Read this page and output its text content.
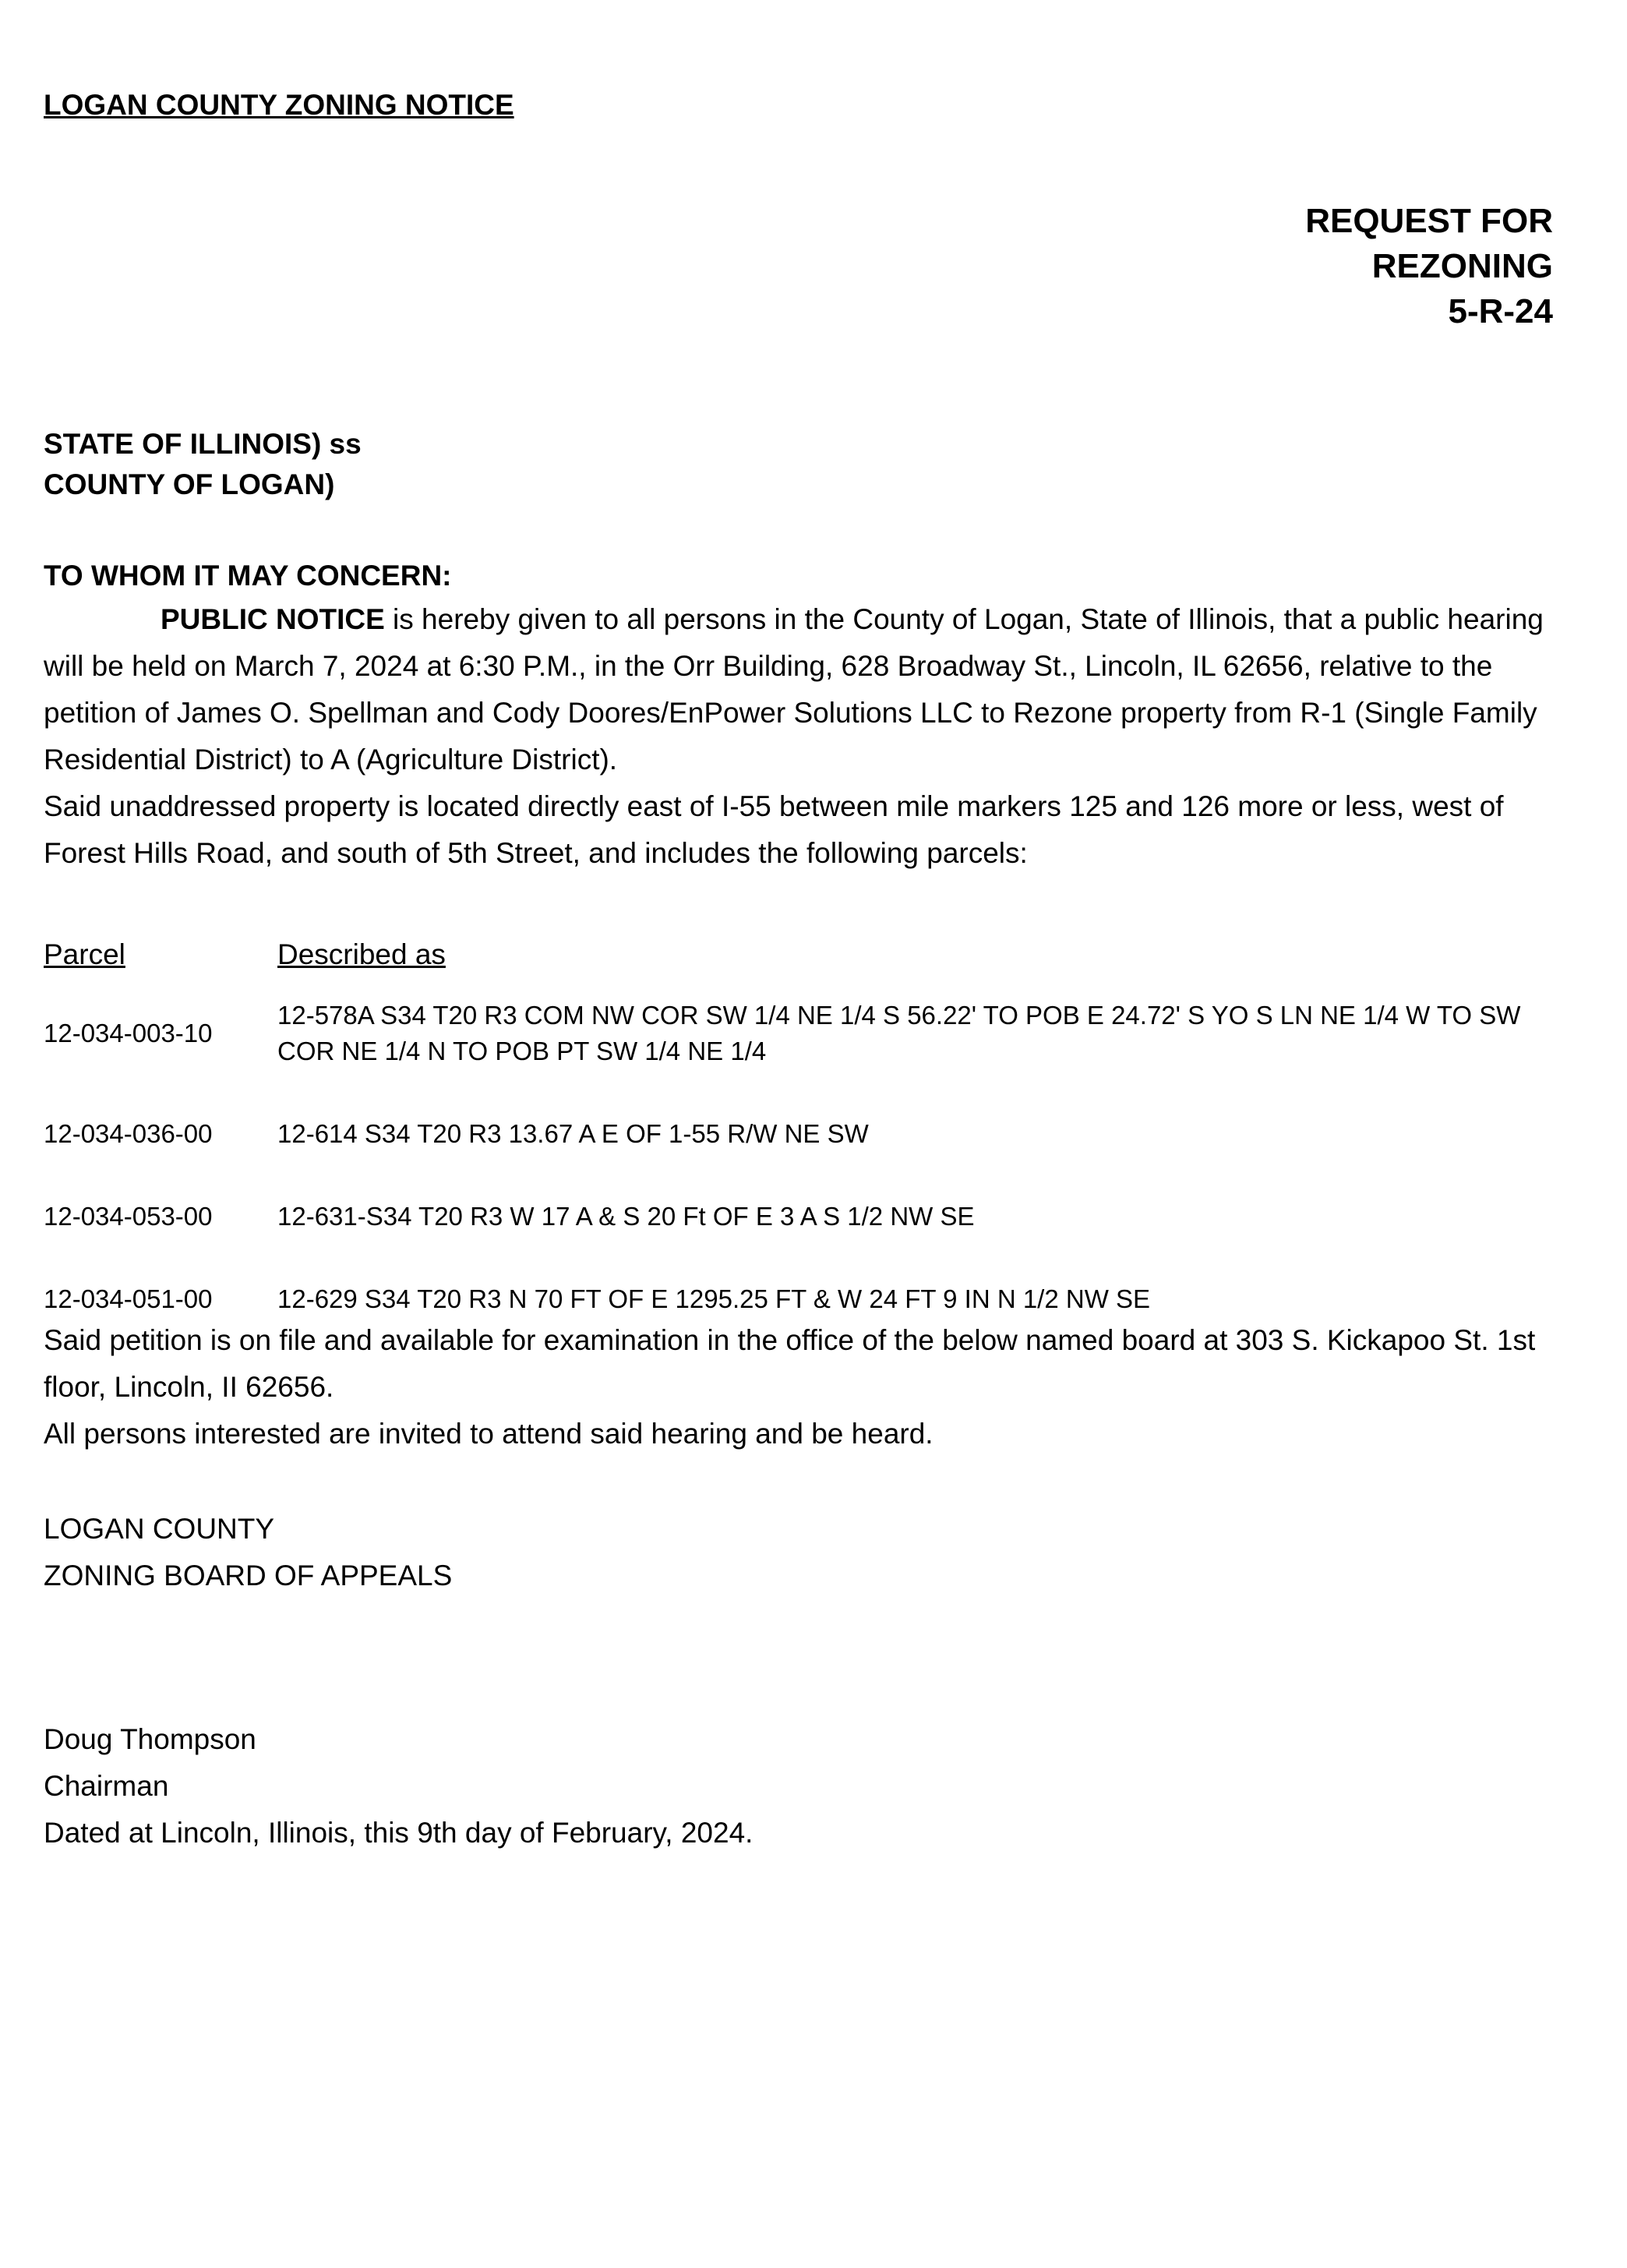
LOGAN COUNTY ZONING NOTICE
REQUEST FOR
REZONING
5-R-24
STATE OF ILLINOIS) ss
COUNTY OF LOGAN)
TO WHOM IT MAY CONCERN:

PUBLIC NOTICE is hereby given to all persons in the County of Logan, State of Illinois, that a public hearing will be held on March 7, 2024 at 6:30 P.M., in the Orr Building, 628 Broadway St., Lincoln, IL 62656, relative to the petition of James O. Spellman and Cody Doores/EnPower Solutions LLC to Rezone property from R-1 (Single Family Residential District) to A (Agriculture District).

Said unaddressed property is located directly east of I-55 between mile markers 125 and 126 more or less, west of Forest Hills Road, and south of 5th Street, and includes the following parcels:

Parcel	Described as
12-034-003-10
12-578A S34 T20 R3 COM NW COR SW 1/4 NE 1/4 S 56.22' TO POB E 24.72' S YO S LN NE 1/4 W TO SW COR NE 1/4 N TO POB PT SW 1/4 NE 1/4
12-034-036-00	12-614 S34 T20 R3 13.67 A E OF 1-55 R/W NE SW
12-034-053-00	12-631-S34 T20 R3 W 17 A & S 20 Ft OF E 3 A S 1/2 NW SE
12-034-051-00	12-629 S34 T20 R3 N 70 FT OF E 1295.25 FT & W 24 FT 9 IN N 1/2 NW SE

Said petition is on file and available for examination in the office of the below named board at 303 S. Kickapoo St. 1st floor, Lincoln, II 62656.

All persons interested are invited to attend said hearing and be heard.

LOGAN COUNTY
ZONING BOARD OF APPEALS
Doug Thompson
Chairman

Dated at Lincoln, Illinois, this 9th day of February, 2024.
